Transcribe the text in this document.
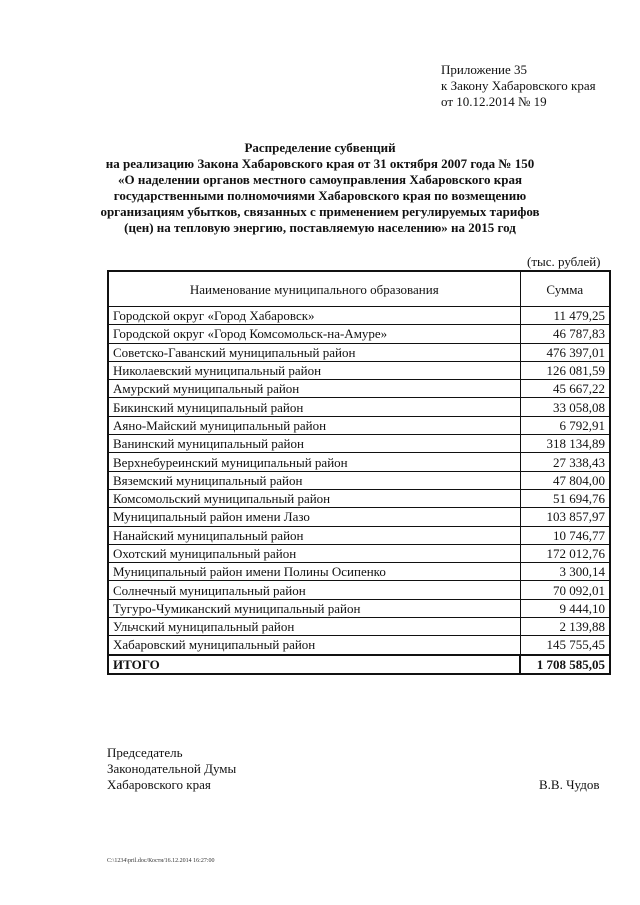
Приложение 35
к Закону Хабаровского края
от 10.12.2014 № 19
Распределение субвенций
на реализацию Закона Хабаровского края от 31 октября 2007 года № 150
«О наделении органов местного самоуправления Хабаровского края
государственными полномочиями Хабаровского края по возмещению
организациям убытков, связанных с применением регулируемых тарифов
(цен) на тепловую энергию, поставляемую населению» на 2015 год
(тыс. рублей)
Наименование муниципального образования	Сумма
Городской округ «Город Хабаровск»	11 479,25
Городской округ «Город Комсомольск-на-Амуре»	46 787,83
Советско-Гаванский муниципальный район	476 397,01
Николаевский муниципальный район	126 081,59
Амурский муниципальный район	45 667,22
Бикинский муниципальный район	33 058,08
Аяно-Майский муниципальный район	6 792,91
Ванинский муниципальный район	318 134,89
Верхнебуреинский муниципальный район	27 338,43
Вяземский муниципальный район	47 804,00
Комсомольский муниципальный район	51 694,76
Муниципальный район имени Лазо	103 857,97
Нанайский муниципальный район	10 746,77
Охотский муниципальный район	172 012,76
Муниципальный район имени Полины Осипенко	3 300,14
Солнечный муниципальный район	70 092,01
Тугуро-Чумиканский муниципальный район	9 444,10
Ульчский муниципальный район	2 139,88
Хабаровский муниципальный район	145 755,45
ИТОГО	1 708 585,05
Председатель
Законодательной Думы
Хабаровского края	В.В. Чудов
C:\1234\pril.doc/Костя/16.12.2014 16:27:00
